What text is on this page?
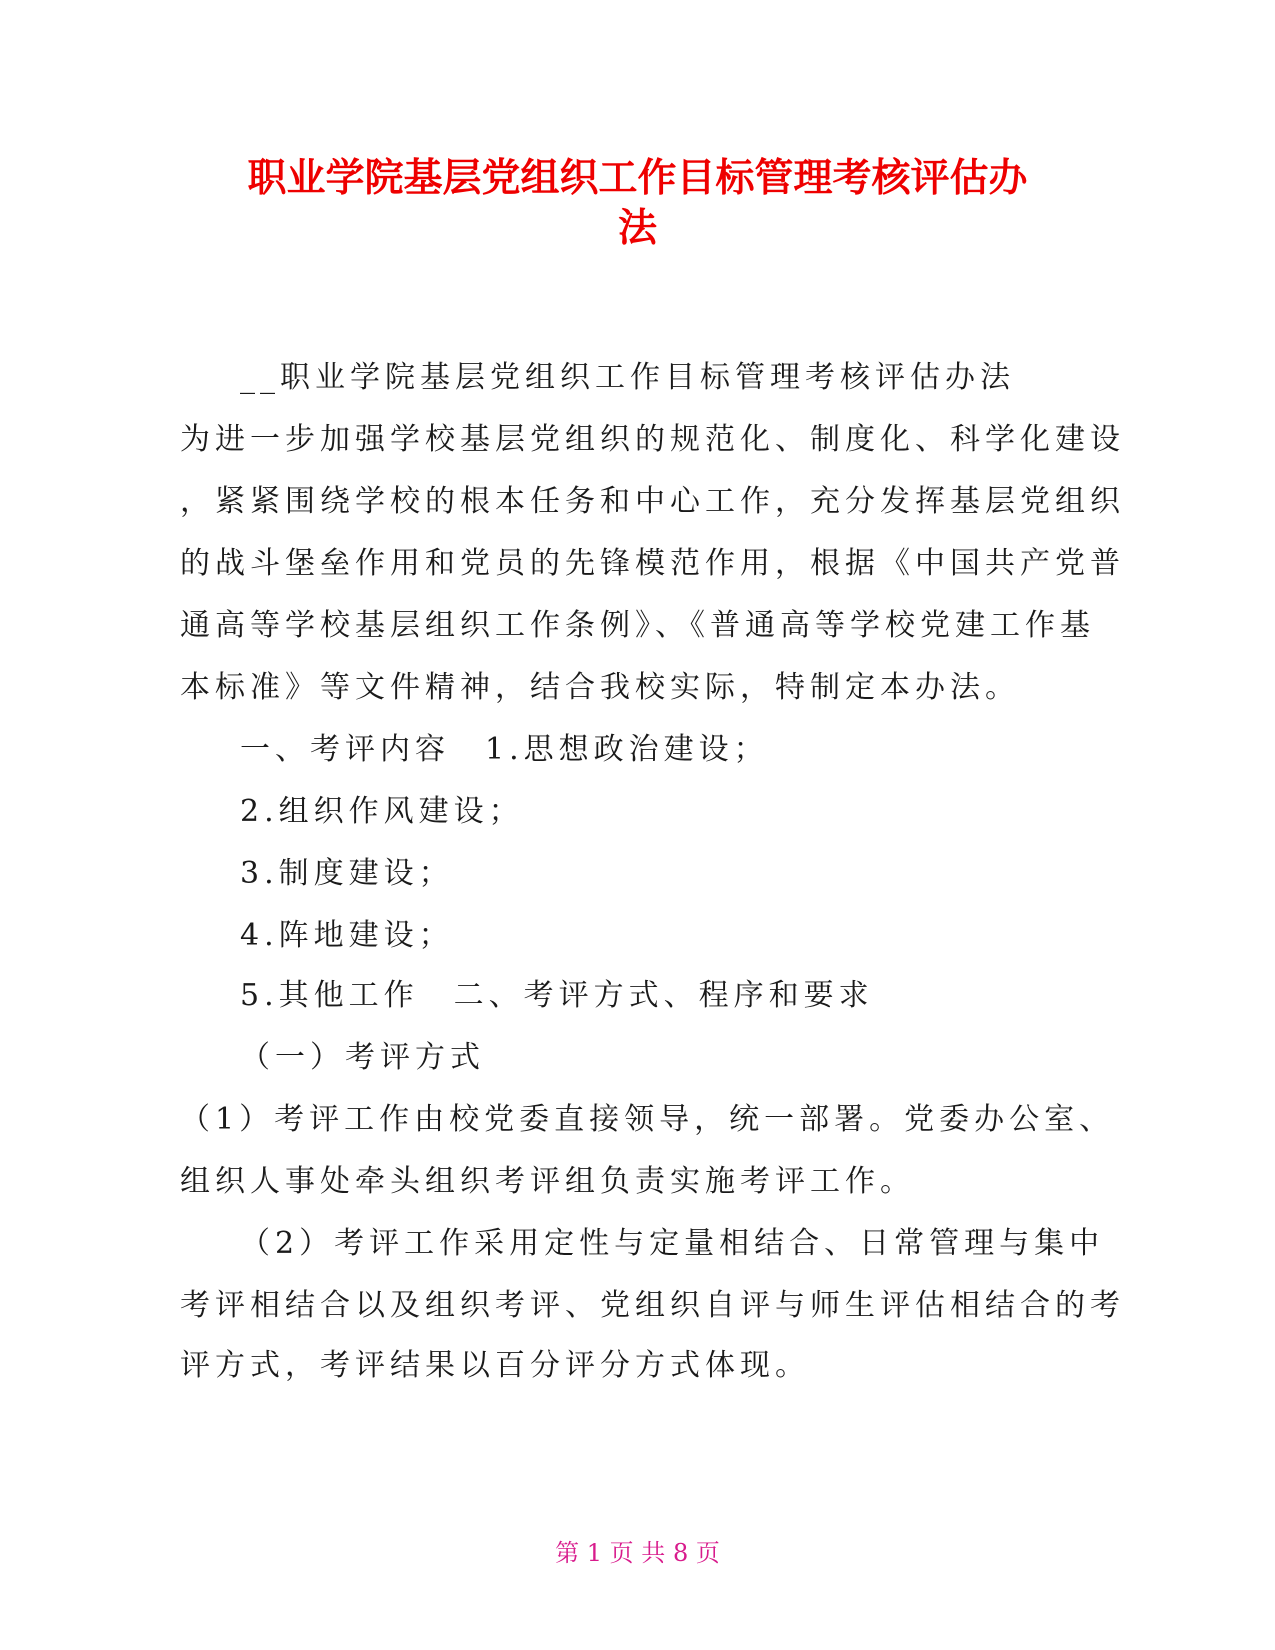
职业学院基层党组织工作目标管理考核评估办
法
__职业学院基层党组织工作目标管理考核评估办法
为进一步加强学校基层党组织的规范化、制度化、科学化建设
，紧紧围绕学校的根本任务和中心工作，充分发挥基层党组织
的战斗堡垒作用和党员的先锋模范作用，根据《中国共产党普
通高等学校基层组织工作条例》、《普通高等学校党建工作基
本标准》等文件精神，结合我校实际，特制定本办法。
一、考评内容　1.思想政治建设；
2.组织作风建设；
3.制度建设；
4.阵地建设；
5.其他工作　二、考评方式、程序和要求
（一）考评方式
（1）考评工作由校党委直接领导，统一部署。党委办公室、
组织人事处牵头组织考评组负责实施考评工作。
（2）考评工作采用定性与定量相结合、日常管理与集中
考评相结合以及组织考评、党组织自评与师生评估相结合的考
评方式，考评结果以百分评分方式体现。
第 1 页 共 8 页
